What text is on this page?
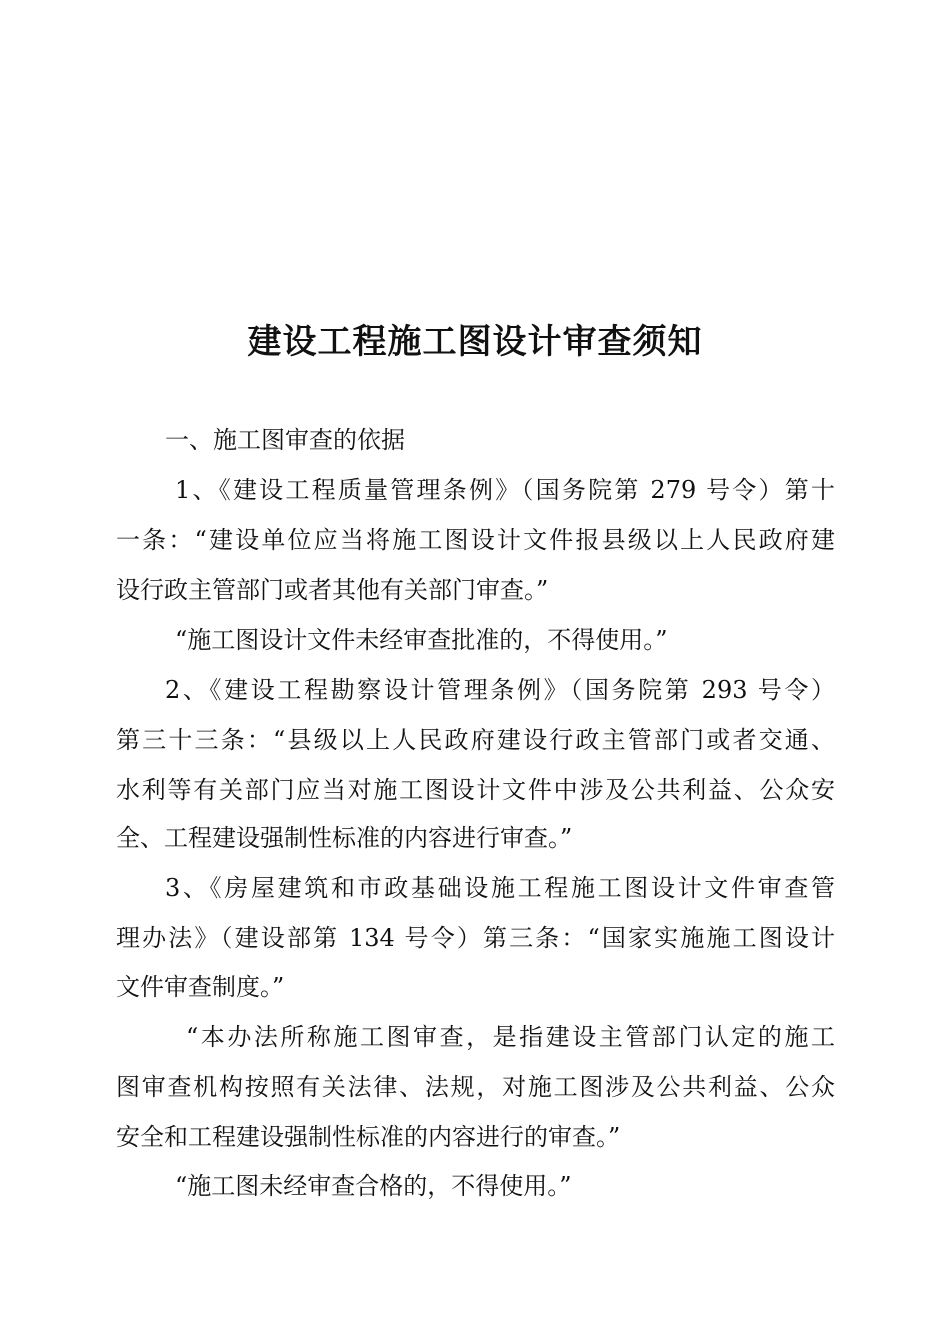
建设工程施工图设计审查须知
一、施工图审查的依据
1、《建设工程质量管理条例》（国务院第 279 号令）第十
一条：“建设单位应当将施工图设计文件报县级以上人民政府建
设行政主管部门或者其他有关部门审查。”
“施工图设计文件未经审查批准的，不得使用。”
2、《建设工程勘察设计管理条例》（国务院第 293 号令）
第三十三条：“县级以上人民政府建设行政主管部门或者交通、
水利等有关部门应当对施工图设计文件中涉及公共利益、公众安
全、工程建设强制性标准的内容进行审查。”
3、《房屋建筑和市政基础设施工程施工图设计文件审查管
理办法》（建设部第 134 号令）第三条：“国家实施施工图设计
文件审查制度。”
“本办法所称施工图审查，是指建设主管部门认定的施工
图审查机构按照有关法律、法规，对施工图涉及公共利益、公众
安全和工程建设强制性标准的内容进行的审查。”
“施工图未经审查合格的，不得使用。”
